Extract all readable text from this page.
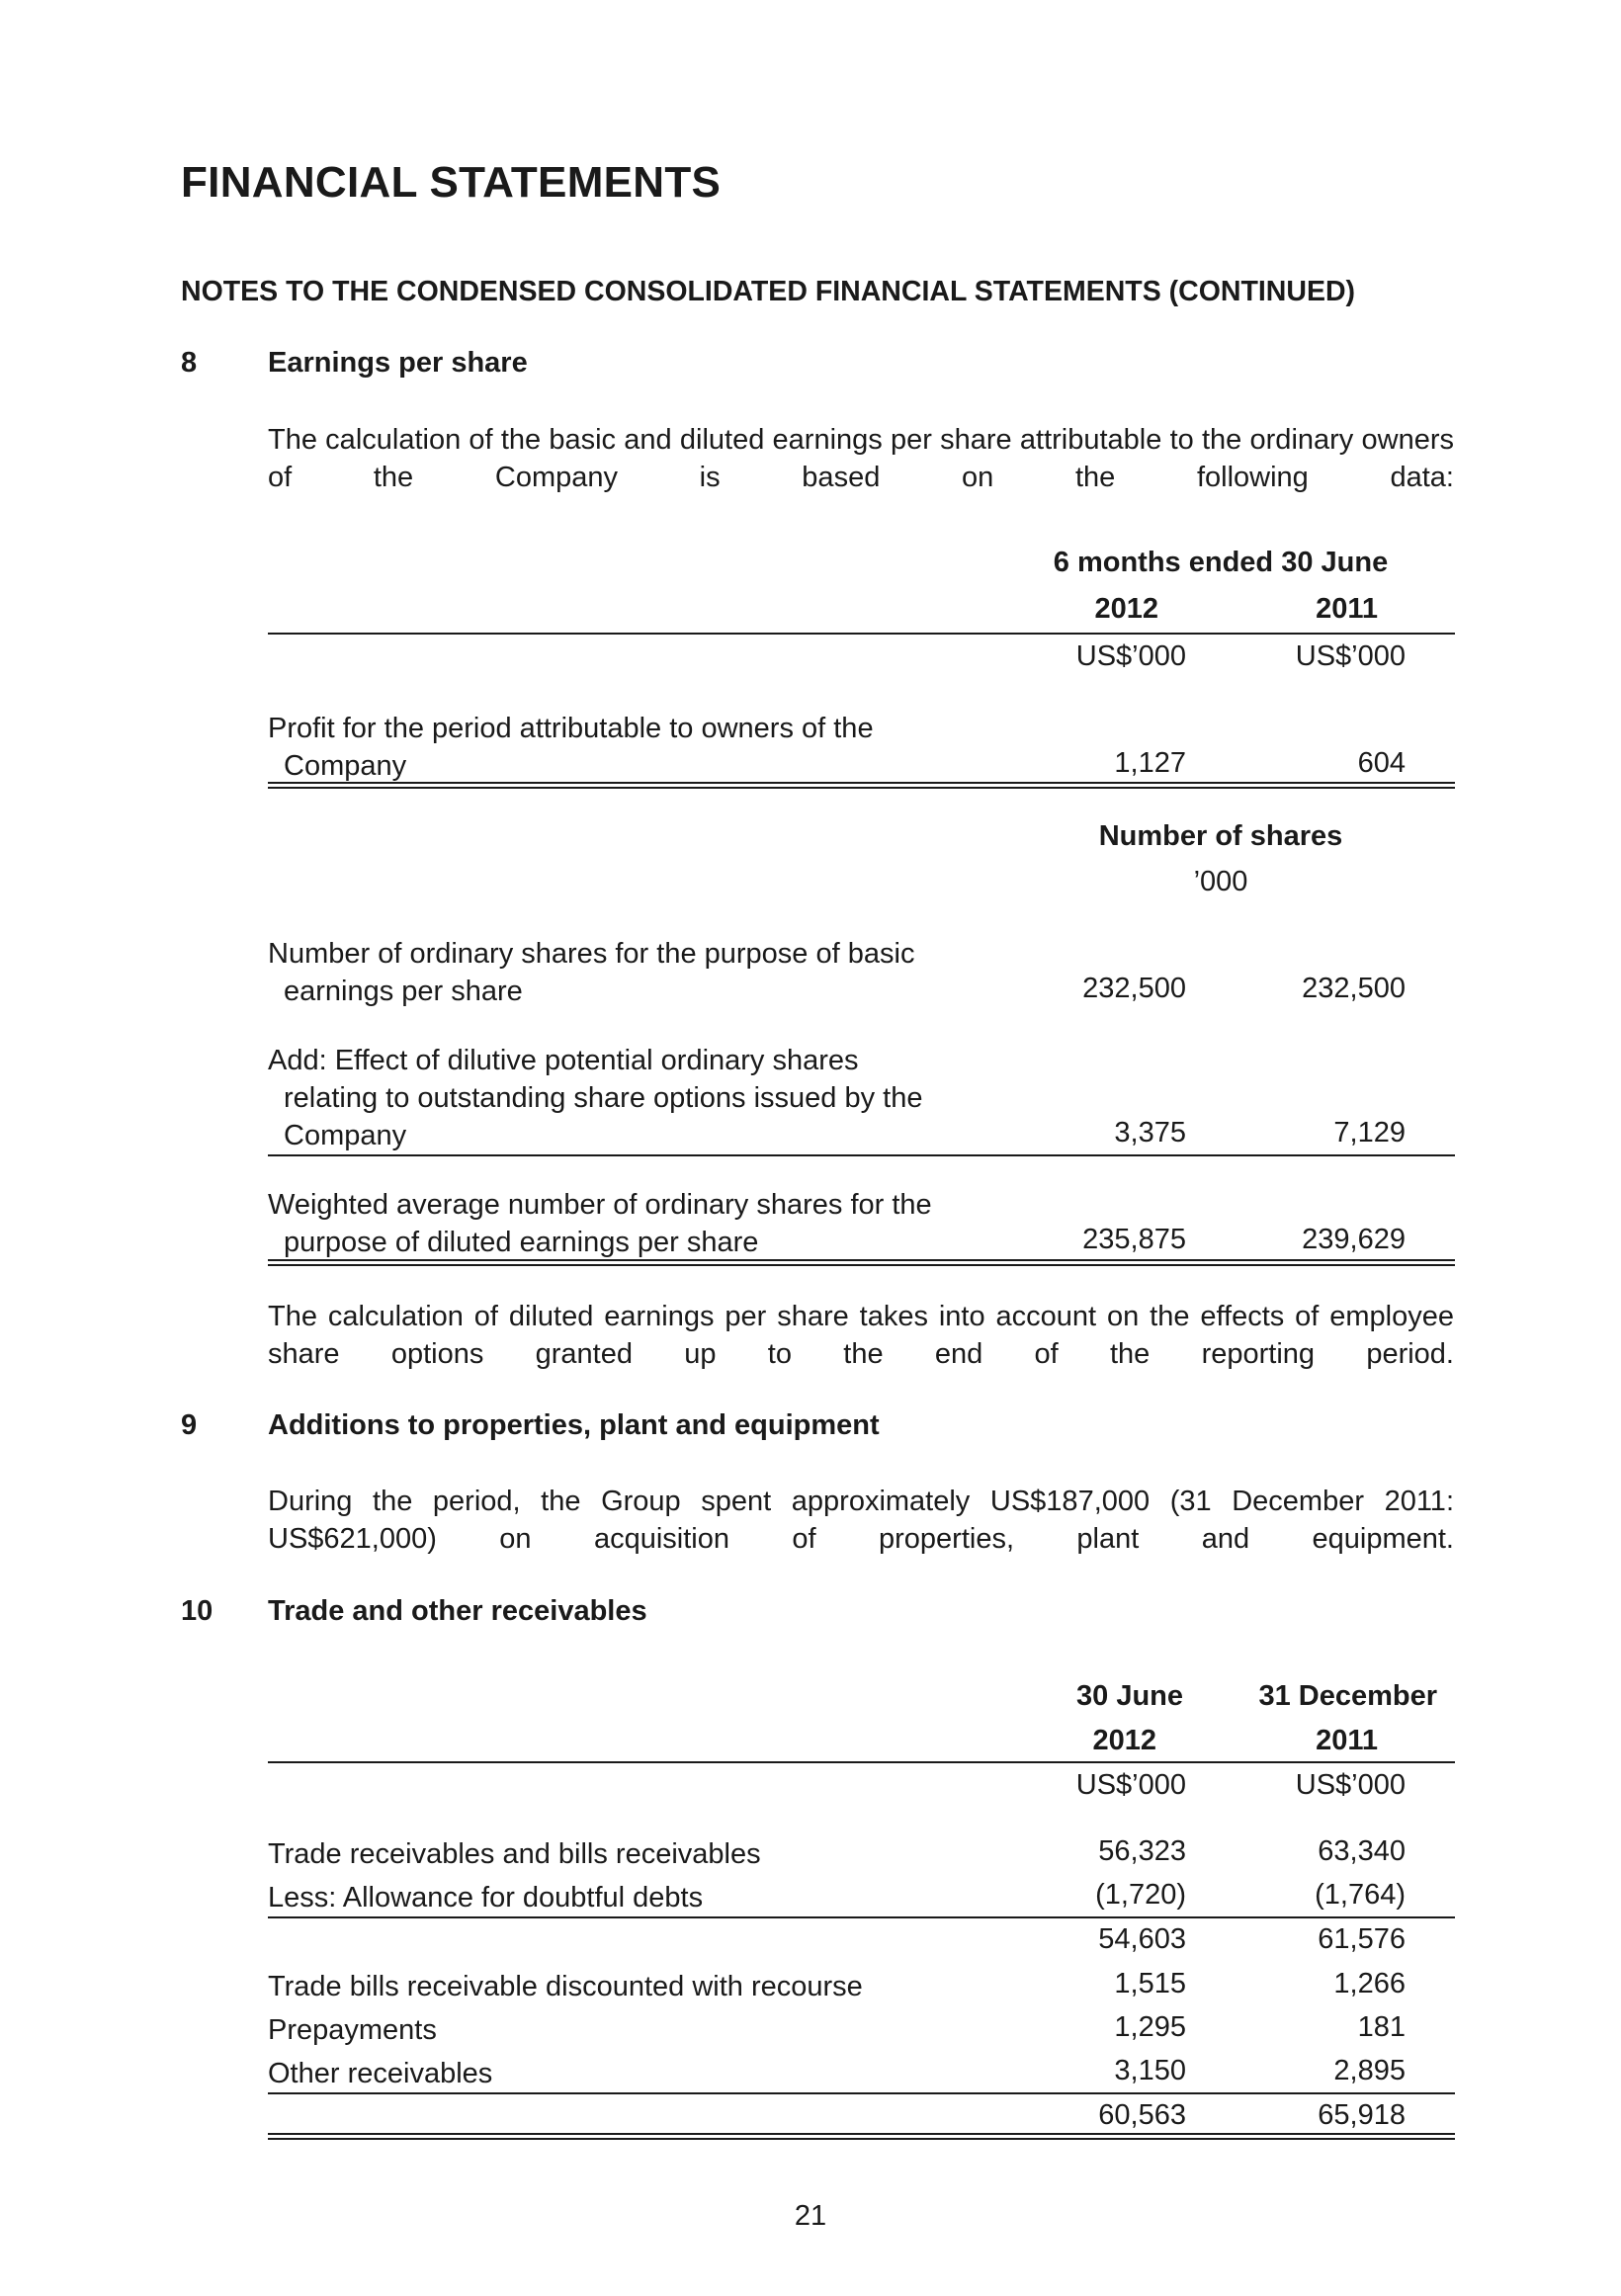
FINANCIAL STATEMENTS
NOTES TO THE CONDENSED CONSOLIDATED FINANCIAL STATEMENTS (CONTINUED)
8 Earnings per share
The calculation of the basic and diluted earnings per share attributable to the ordinary owners of the Company is based on the following data:
6 months ended 30 June
2012	2011
US$’000	US$’000
Profit for the period attributable to owners of the
Company	1,127	604
Number of shares
’000
Number of ordinary shares for the purpose of basic
earnings per share	232,500	232,500
Add: Effect of dilutive potential ordinary shares
relating to outstanding share options issued by the
Company	3,375	7,129
Weighted average number of ordinary shares for the
purpose of diluted earnings per share	235,875	239,629
The calculation of diluted earnings per share takes into account on the effects of employee share options granted up to the end of the reporting period.
9 Additions to properties, plant and equipment
During the period, the Group spent approximately US$187,000 (31 December 2011: US$621,000) on acquisition of properties, plant and equipment.
10 Trade and other receivables
30 June	31 December
2012	2011
US$’000	US$’000
Trade receivables and bills receivables	56,323	63,340
Less: Allowance for doubtful debts	(1,720)	(1,764)
54,603	61,576
Trade bills receivable discounted with recourse	1,515	1,266
Prepayments	1,295	181
Other receivables	3,150	2,895
60,563	65,918
21
